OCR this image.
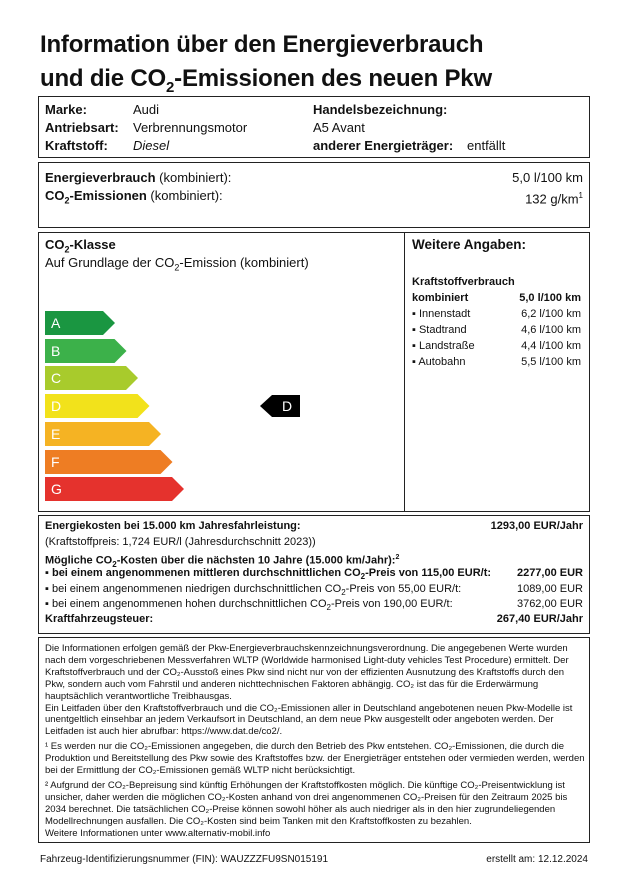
Information über den Energieverbrauch
und die $CO_2$-Emissionen des neuen Pkw
Marke:	Audi
Antriebsart: Verbrennungsmotor
Kraftstoff: Diesel
Handelsbezeichnung:
A5 Avant
anderer Energieträger: entfällt
Energieverbrauch (kombiniert):	5,0 l/100 km
$CO_2$-Emissionen (kombiniert):	132 $g/km^1$
$CO_2$-Klasse
Auf Grundlage der $CO_2$-Emission (kombiniert)
A
B
C
D
E
F
G
D
Weitere Angaben:
Kraftstoffverbrauch
kombiniert	5,0 l/100 km
▪ Innenstadt	6,2 l/100 km
▪ Stadtrand	4,6 l/100 km
▪ Landstraße	4,4 l/100 km
▪ Autobahn	5,5 l/100 km
Energiekosten bei 15.000 km Jahresfahrleistung:	1293,00 EUR/Jahr
(Kraftstoffpreis: 1,724 EUR/l (Jahresdurchschnitt 2023))
Mögliche $CO_2$-Kosten über die nächsten 10 Jahre (15.000 km/Jahr):$^2$
▪ bei einem angenommenen mittleren durchschnittlichen $CO_2$-Preis von 115,00 EUR/t: 2277,00 EUR
▪ bei einem angenommenen niedrigen durchschnittlichen $CO_2$-Preis von 55,00 EUR/t:	1089,00 EUR
▪ bei einem angenommenen hohen durchschnittlichen $CO_2$-Preis von 190,00 EUR/t:	3762,00 EUR
Kraftfahrzeugsteuer:	267,40 EUR/Jahr

Die Informationen erfolgen gemäß der Pkw-Energieverbrauchskennzeichnungsverordnung. Die angegebenen Werte wurden nach dem vorgeschriebenen Messverfahren WLTP (Worldwide harmonised Light-duty vehicles Test Procedure) ermittelt. Der Kraftstoffverbrauch und der CO₂-Ausstoß eines Pkw sind nicht nur von der effizienten Ausnutzung des Kraftstoffs durch den Pkw, sondern auch vom Fahrstil und anderen nichttechnischen Faktoren abhängig. CO₂ ist das für die Erderwärmung hauptsächlich verantwortliche Treibhausgas.

Ein Leitfaden über den Kraftstoffverbrauch und die CO₂-Emissionen aller in Deutschland angebotenen neuen Pkw-Modelle ist unentgeltlich einsehbar an jedem Verkaufsort in Deutschland, an dem neue Pkw ausgestellt oder angeboten werden. Der Leitfaden ist auch hier abrufbar: https://www.dat.de/co2/.

¹ Es werden nur die CO₂-Emissionen angegeben, die durch den Betrieb des Pkw entstehen. CO₂-Emissionen, die durch die Produktion und Bereitstellung des Pkw sowie des Kraftstoffes bzw. der Energieträger entstehen oder vermieden werden, werden bei der Ermittlung der CO₂-Emissionen gemäß WLTP nicht berücksichtigt.

² Aufgrund der CO₂-Bepreisung sind künftig Erhöhungen der Kraftstoffkosten möglich. Die künftige CO₂-Preisentwicklung ist unsicher, daher werden die möglichen CO₂-Kosten anhand von drei angenommenen CO₂-Preisen für den Zeitraum 2025 bis 2034 berechnet. Die tatsächlichen CO₂-Preise können sowohl höher als auch niedriger als in den hier zugrundeliegenden Modellrechnungen ausfallen. Die CO₂-Kosten sind beim Tanken mit den Kraftstoffkosten zu bezahlen.

Weitere Informationen unter www.alternativ-mobil.info

Fahrzeug-Identifizierungsnummer (FIN): WAUZZZFU9SN015191	erstellt am: 12.12.2024
